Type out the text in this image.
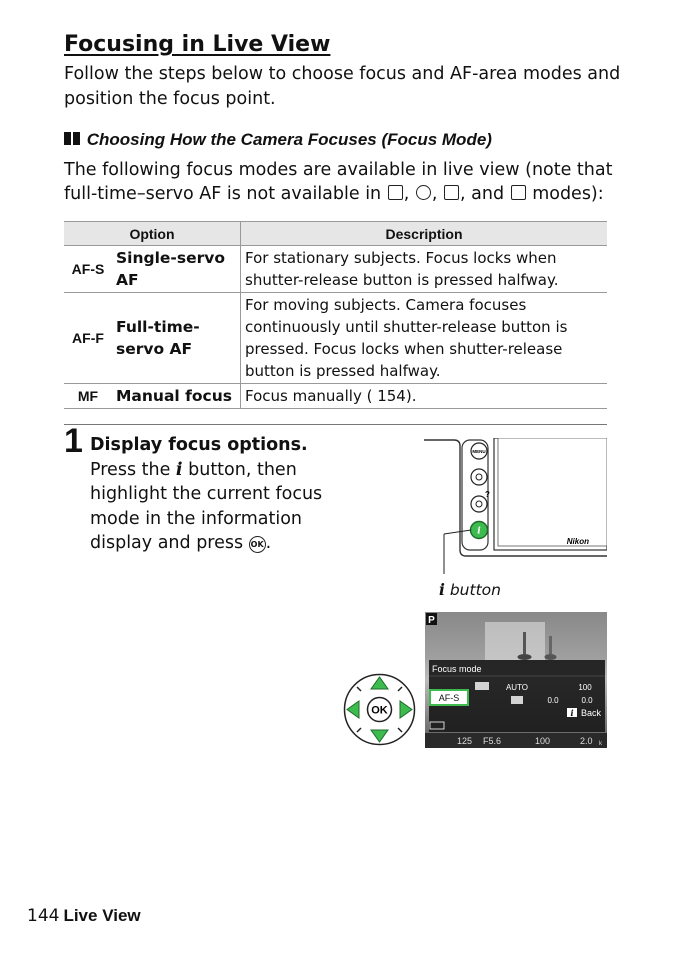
Focusing in Live View
Follow the steps below to choose focus and AF-area modes and position the focus point.
Choosing How the Camera Focuses (Focus Mode)
The following focus modes are available in live view (note that full-time–servo AF is not available in , , , and  modes):
Option		Description
AF-S	Single-servo AF	For stationary subjects. Focus locks when shutter-release button is pressed halfway.
AF-F	Full-time-servo AF	For moving subjects. Camera focuses continuously until shutter-release button is pressed. Focus locks when shutter-release button is pressed halfway.
MF	Manual focus	Focus manually ( 154).
1 Display focus options.
Press the i button, then highlight the current focus mode in the information display and press OK .
MENU
?
i
Nikon
i button
P
Focus mode
AF-S
AUTO	100
0.0	0.0
i Back
125 F5.6	100	2.0 k
OK
144 Live View
